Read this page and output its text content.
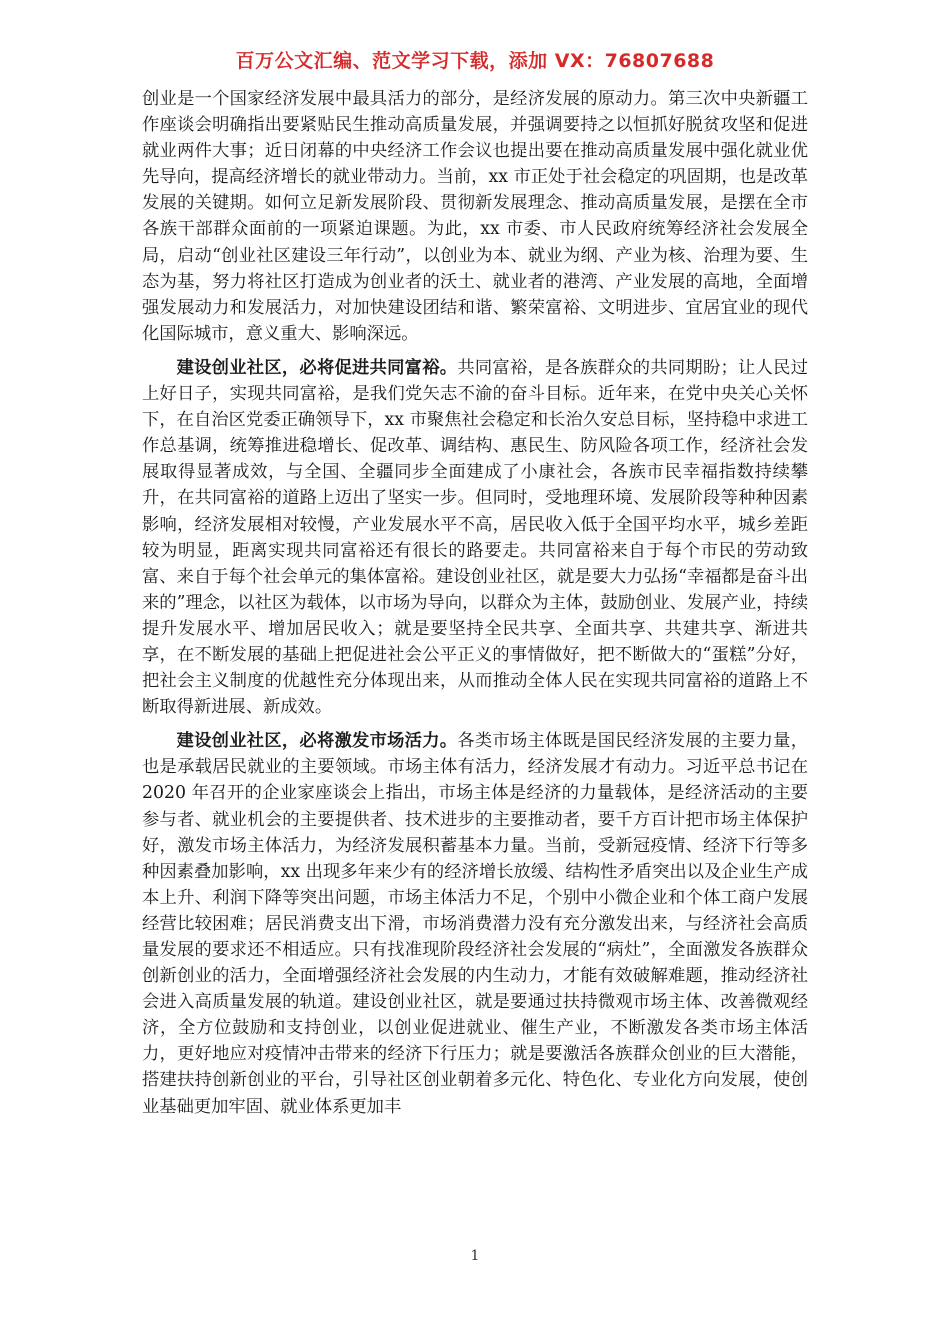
百万公文汇编、范文学习下载，添加 VX：76807688

创业是一个国家经济发展中最具活力的部分，是经济发展的原动力。第三次中央新疆工作座谈会明确指出要紧贴民生推动高质量发展，并强调要持之以恒抓好脱贫攻坚和促进就业两件大事；近日闭幕的中央经济工作会议也提出要在推动高质量发展中强化就业优先导向，提高经济增长的就业带动力。当前，xx 市正处于社会稳定的巩固期，也是改革发展的关键期。如何立足新发展阶段、贯彻新发展理念、推动高质量发展，是摆在全市各族干部群众面前的一项紧迫课题。为此，xx 市委、市人民政府统筹经济社会发展全局，启动“创业社区建设三年行动”，以创业为本、就业为纲、产业为核、治理为要、生态为基，努力将社区打造成为创业者的沃土、就业者的港湾、产业发展的高地，全面增强发展动力和发展活力，对加快建设团结和谐、繁荣富裕、文明进步、宜居宜业的现代化国际城市，意义重大、影响深远。

建设创业社区，必将促进共同富裕。共同富裕，是各族群众的共同期盼；让人民过上好日子，实现共同富裕，是我们党矢志不渝的奋斗目标。近年来，在党中央关心关怀下，在自治区党委正确领导下，xx 市聚焦社会稳定和长治久安总目标，坚持稳中求进工作总基调，统筹推进稳增长、促改革、调结构、惠民生、防风险各项工作，经济社会发展取得显著成效，与全国、全疆同步全面建成了小康社会，各族市民幸福指数持续攀升，在共同富裕的道路上迈出了坚实一步。但同时，受地理环境、发展阶段等种种因素影响，经济发展相对较慢，产业发展水平不高，居民收入低于全国平均水平，城乡差距较为明显，距离实现共同富裕还有很长的路要走。共同富裕来自于每个市民的劳动致富、来自于每个社会单元的集体富裕。建设创业社区，就是要大力弘扬“幸福都是奋斗出来的”理念，以社区为载体，以市场为导向，以群众为主体，鼓励创业、发展产业，持续提升发展水平、增加居民收入；就是要坚持全民共享、全面共享、共建共享、渐进共享，在不断发展的基础上把促进社会公平正义的事情做好，把不断做大的“蛋糕”分好，把社会主义制度的优越性充分体现出来，从而推动全体人民在实现共同富裕的道路上不断取得新进展、新成效。

建设创业社区，必将激发市场活力。各类市场主体既是国民经济发展的主要力量，也是承载居民就业的主要领域。市场主体有活力，经济发展才有动力。习近平总书记在 2020 年召开的企业家座谈会上指出，市场主体是经济的力量载体，是经济活动的主要参与者、就业机会的主要提供者、技术进步的主要推动者，要千方百计把市场主体保护好，激发市场主体活力，为经济发展积蓄基本力量。当前，受新冠疫情、经济下行等多种因素叠加影响，xx 出现多年来少有的经济增长放缓、结构性矛盾突出以及企业生产成本上升、利润下降等突出问题，市场主体活力不足，个别中小微企业和个体工商户发展经营比较困难；居民消费支出下滑，市场消费潜力没有充分激发出来，与经济社会高质量发展的要求还不相适应。只有找准现阶段经济社会发展的“病灶”，全面激发各族群众创新创业的活力，全面增强经济社会发展的内生动力，才能有效破解难题，推动经济社会进入高质量发展的轨道。建设创业社区，就是要通过扶持微观市场主体、改善微观经济，全方位鼓励和支持创业，以创业促进就业、催生产业，不断激发各类市场主体活力，更好地应对疫情冲击带来的经济下行压力；就是要激活各族群众创业的巨大潜能，搭建扶持创新创业的平台，引导社区创业朝着多元化、特色化、专业化方向发展，使创业基础更加牢固、就业体系更加丰

1
